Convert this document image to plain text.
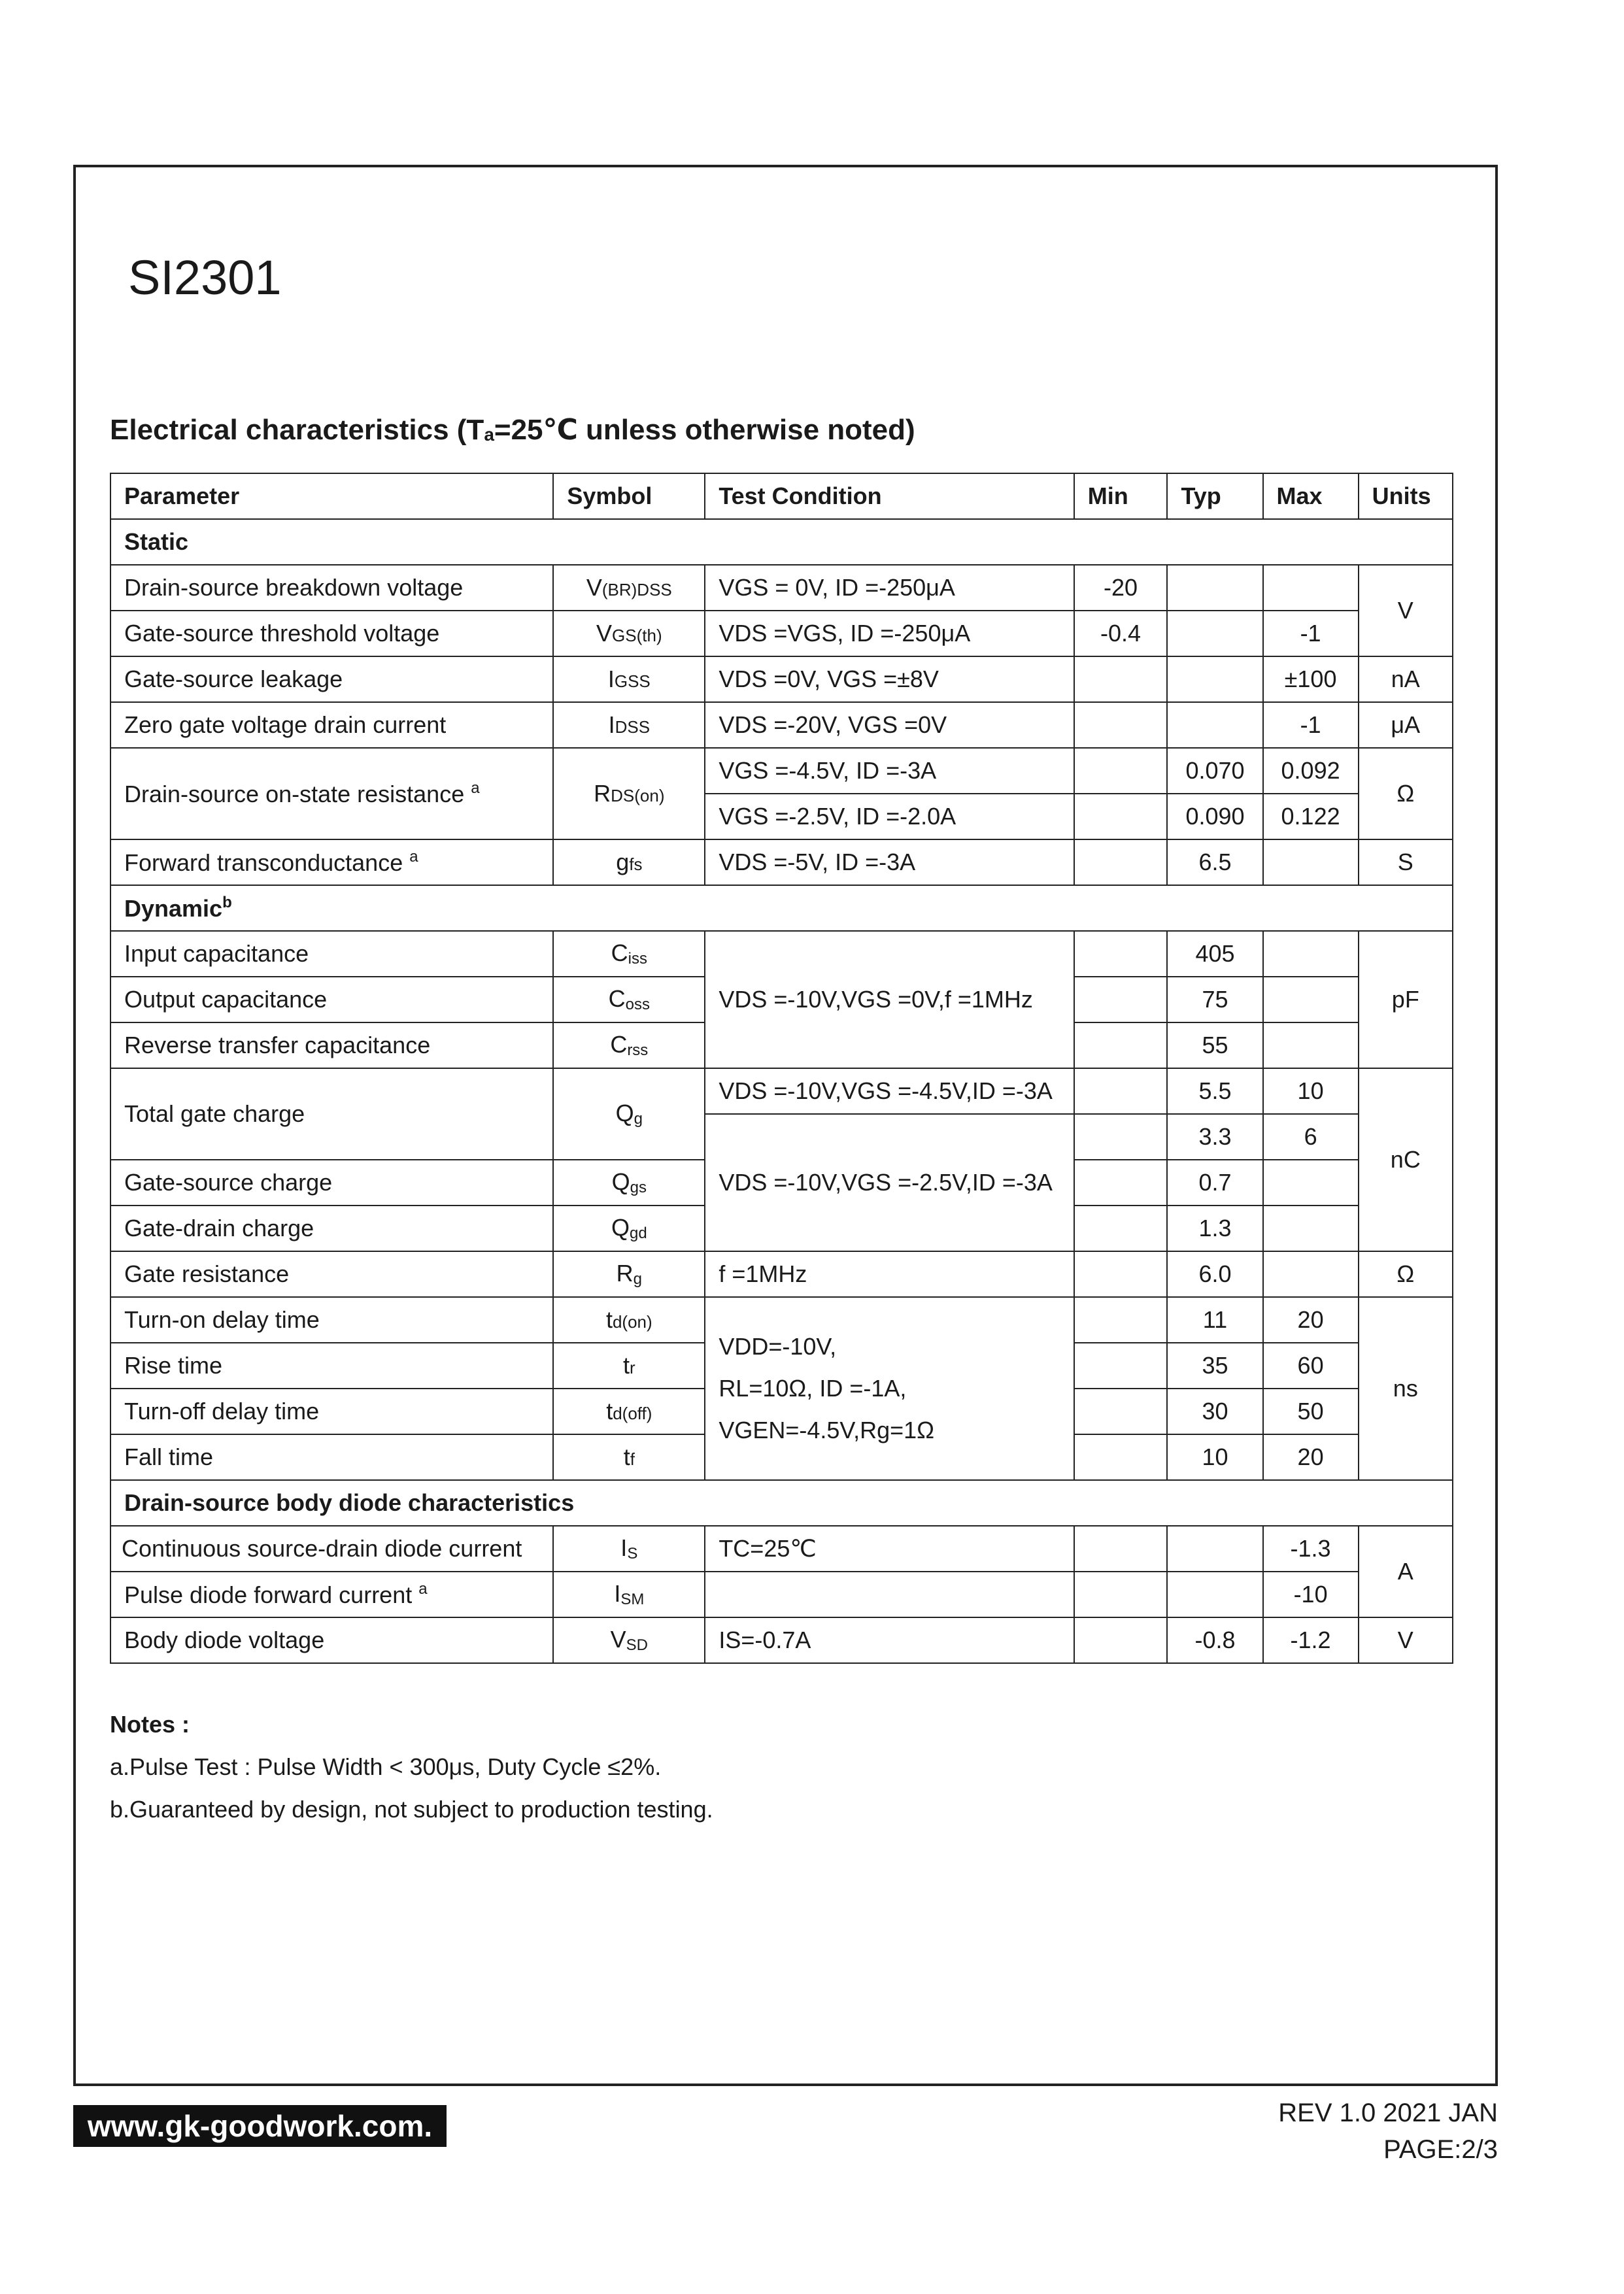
SI2301
Electrical characteristics ($T_a=25℃$ unless otherwise noted)
Parameter	Symbol	Test Condition	Min	Typ	Max	Units
Static						
Drain-source breakdown voltage	V(BR)DSS	VGS = 0V, ID =-250μA	-20			V
Gate-source threshold voltage	VGS(th)	VDS =VGS, ID =-250μA	-0.4		-1	
Gate-source leakage	IGSS	VDS =0V, VGS =±8V			±100	nA
Zero gate voltage drain current	IDSS	VDS =-20V, VGS =0V			-1	μA
Drain-source on-state resistance $^a$	RDS(on)	VGS =-4.5V, ID =-3A		0.070	0.092	Ω
		VGS =-2.5V, ID =-2.0A		0.090	0.122	
Forward transconductance $^a$	gfs	VDS =-5V, ID =-3A		6.5		S
Dynamic$^b$
Input capacitance	$C_{iss}$	VDS =-10V,VGS =0V,f =1MHz		405		pF
Output capacitance	$C_{oss}$			75		
Reverse transfer capacitance	$C_{rss}$			55		
Total gate charge	$Q_g$	VDS =-10V,VGS =-4.5V,ID =-3A		5.5	10	nC
		VDS =-10V,VGS =-2.5V,ID =-3A		3.3	6	
Gate-source charge	$Q_{gs}$			0.7		
Gate-drain charge	$Q_{gd}$			1.3		
Gate resistance	$R_g$	f =1MHz		6.0		Ω
Turn-on delay time	td(on)	VDD=-10V,
RL=10Ω, ID =-1A,
VGEN=-4.5V,Rg=1Ω		11	20	ns
Rise time	tr			35	60	
Turn-off delay time	td(off)			30	50	
Fall time	tf			10	20	
Drain-source body diode characteristics						
Continuous source-drain diode current	$I_S$	TC=25℃			-1.3	A
Pulse diode forward current $^a$	$I_{SM}$				-10	
Body diode voltage	$V_{SD}$	IS=-0.7A		-0.8	-1.2	V
Notes :
a.Pulse Test : Pulse Width < 300μs, Duty Cycle ≤2%.
b.Guaranteed by design, not subject to production testing.
www.gk-goodwork.com.	REV 1.0 2021 JAN
PAGE:2/3
